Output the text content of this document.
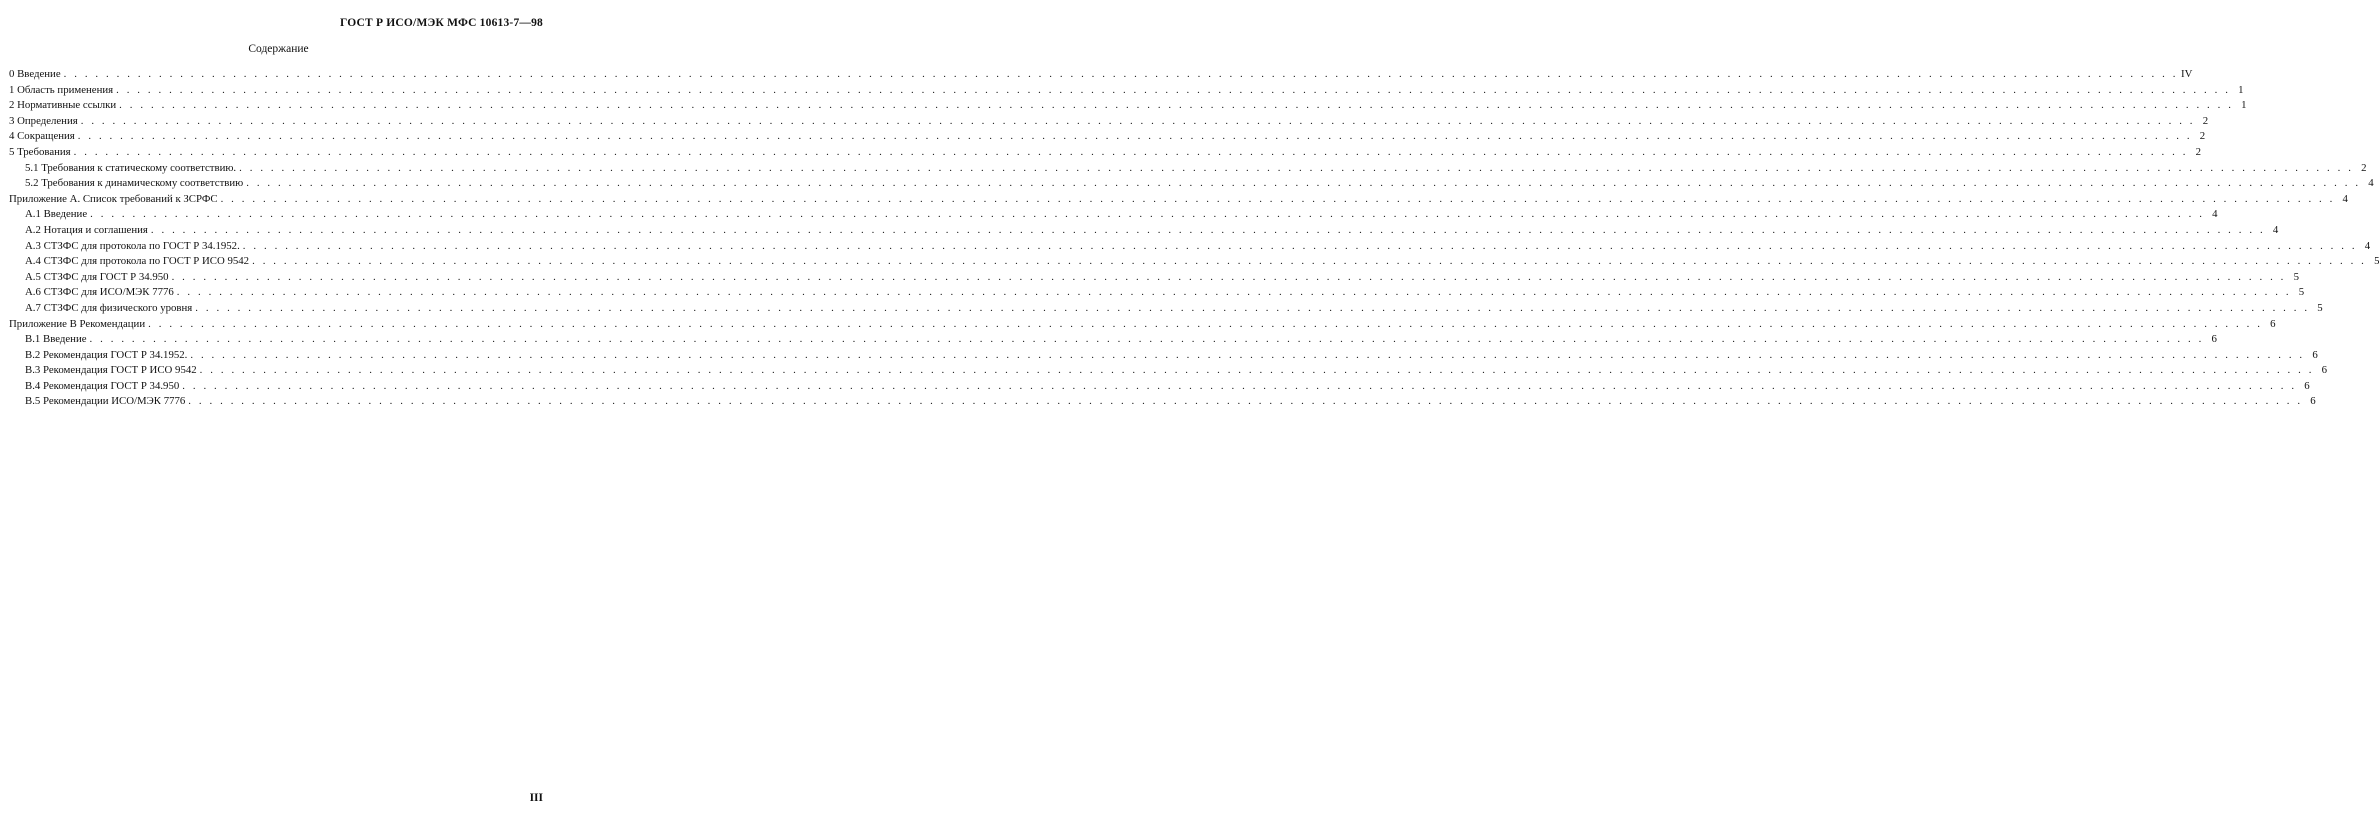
ГОСТ Р ИСО/МЭК МФС 10613-7—98
Содержание
0 Введение . . . . . . . . . . . . . . . . . . . . . . . . . . . . . . . . . . . . . . . . . . . . . . . . . . . . . . . . . . . . . . . . . . . . . . . . . . . . . . . . . . . . . . . . . . . . . . . . . . . . . . . . . . . . . . . . . . . . . . . . . . . . . . . . . . . . . . . . . . . . . . . . . . . . . . . . . . . . . . . . . . . . . . . . . . . . . . . . . . . . . . . . . . . . . . . . . . . . . . . . IV
1 Область применения . . . . . . . . . . . . . . . . . . . . . . . . . . . . . . . . . . . . . . . . . . . . . . . . . . . . . . . . . . . . . . . . . . . . . . . . . . . . . . . . . . . . . . . . . . . . . . . . . . . . . . . . . . . . . . . . . . . . . . . . . . . . . . . . . . . . . . . . . . . . . . . . . . . . . . . . . . . . . . . . . . . . . . . . . . . . . . . . . . . . . . . . . . . . . . . . . . . . . . . . 1
2 Нормативные ссылки . . . . . . . . . . . . . . . . . . . . . . . . . . . . . . . . . . . . . . . . . . . . . . . . . . . . . . . . . . . . . . . . . . . . . . . . . . . . . . . . . . . . . . . . . . . . . . . . . . . . . . . . . . . . . . . . . . . . . . . . . . . . . . . . . . . . . . . . . . . . . . . . . . . . . . . . . . . . . . . . . . . . . . . . . . . . . . . . . . . . . . . . . . . . . . . . . . . . . . . . 1
3 Определения . . . . . . . . . . . . . . . . . . . . . . . . . . . . . . . . . . . . . . . . . . . . . . . . . . . . . . . . . . . . . . . . . . . . . . . . . . . . . . . . . . . . . . . . . . . . . . . . . . . . . . . . . . . . . . . . . . . . . . . . . . . . . . . . . . . . . . . . . . . . . . . . . . . . . . . . . . . . . . . . . . . . . . . . . . . . . . . . . . . . . . . . . . . . . . . . . . . . . . . . 2
4 Сокращения . . . . . . . . . . . . . . . . . . . . . . . . . . . . . . . . . . . . . . . . . . . . . . . . . . . . . . . . . . . . . . . . . . . . . . . . . . . . . . . . . . . . . . . . . . . . . . . . . . . . . . . . . . . . . . . . . . . . . . . . . . . . . . . . . . . . . . . . . . . . . . . . . . . . . . . . . . . . . . . . . . . . . . . . . . . . . . . . . . . . . . . . . . . . . . . . . . . . . . . . 2
5 Требования . . . . . . . . . . . . . . . . . . . . . . . . . . . . . . . . . . . . . . . . . . . . . . . . . . . . . . . . . . . . . . . . . . . . . . . . . . . . . . . . . . . . . . . . . . . . . . . . . . . . . . . . . . . . . . . . . . . . . . . . . . . . . . . . . . . . . . . . . . . . . . . . . . . . . . . . . . . . . . . . . . . . . . . . . . . . . . . . . . . . . . . . . . . . . . . . . . . . . . . . 2
5.1 Требования к статическому соответствию. . . . . . . . . . . . . . . . . . . . . . . . . . . . . . . . . . . . . . . . . . . . . . . . . . . . . . . . . . . . . . . . . . . . . . . . . . . . . . . . . . . . . . . . . . . . . . . . . . . . . . . . . . . . . . . . . . . . . . . . . . . . . . . . . . . . . . . . . . . . . . . . . . . . . . . . . . . . . . . . . . . . . . . . . . . . . . . . . . . . . . . . . . . . . . . . . . . . . . . . . 2
5.2 Требования к динамическому соответствию . . . . . . . . . . . . . . . . . . . . . . . . . . . . . . . . . . . . . . . . . . . . . . . . . . . . . . . . . . . . . . . . . . . . . . . . . . . . . . . . . . . . . . . . . . . . . . . . . . . . . . . . . . . . . . . . . . . . . . . . . . . . . . . . . . . . . . . . . . . . . . . . . . . . . . . . . . . . . . . . . . . . . . . . . . . . . . . . . . . . . . . . . . . . . . . . . . . . . . . . 4
Приложение А. Список требований к ЗСРФС . . . . . . . . . . . . . . . . . . . . . . . . . . . . . . . . . . . . . . . . . . . . . . . . . . . . . . . . . . . . . . . . . . . . . . . . . . . . . . . . . . . . . . . . . . . . . . . . . . . . . . . . . . . . . . . . . . . . . . . . . . . . . . . . . . . . . . . . . . . . . . . . . . . . . . . . . . . . . . . . . . . . . . . . . . . . . . . . . . . . . . . . . . . . . . . . . . . . . . . . 4
А.1 Введение . . . . . . . . . . . . . . . . . . . . . . . . . . . . . . . . . . . . . . . . . . . . . . . . . . . . . . . . . . . . . . . . . . . . . . . . . . . . . . . . . . . . . . . . . . . . . . . . . . . . . . . . . . . . . . . . . . . . . . . . . . . . . . . . . . . . . . . . . . . . . . . . . . . . . . . . . . . . . . . . . . . . . . . . . . . . . . . . . . . . . . . . . . . . . . . . . . . . . . . . 4
А.2 Нотация и соглашения . . . . . . . . . . . . . . . . . . . . . . . . . . . . . . . . . . . . . . . . . . . . . . . . . . . . . . . . . . . . . . . . . . . . . . . . . . . . . . . . . . . . . . . . . . . . . . . . . . . . . . . . . . . . . . . . . . . . . . . . . . . . . . . . . . . . . . . . . . . . . . . . . . . . . . . . . . . . . . . . . . . . . . . . . . . . . . . . . . . . . . . . . . . . . . . . . . . . . . . . 4
А.3 СТЗФС для протокола по ГОСТ Р 34.1952. . . . . . . . . . . . . . . . . . . . . . . . . . . . . . . . . . . . . . . . . . . . . . . . . . . . . . . . . . . . . . . . . . . . . . . . . . . . . . . . . . . . . . . . . . . . . . . . . . . . . . . . . . . . . . . . . . . . . . . . . . . . . . . . . . . . . . . . . . . . . . . . . . . . . . . . . . . . . . . . . . . . . . . . . . . . . . . . . . . . . . . . . . . . . . . . . . . . . . . . . 4
А.4 СТЗФС для протокола по ГОСТ Р ИСО 9542 . . . . . . . . . . . . . . . . . . . . . . . . . . . . . . . . . . . . . . . . . . . . . . . . . . . . . . . . . . . . . . . . . . . . . . . . . . . . . . . . . . . . . . . . . . . . . . . . . . . . . . . . . . . . . . . . . . . . . . . . . . . . . . . . . . . . . . . . . . . . . . . . . . . . . . . . . . . . . . . . . . . . . . . . . . . . . . . . . . . . . . . . . . . . . . . . . . . . . . . . 5
А.5 СТЗФС для ГОСТ Р 34.950 . . . . . . . . . . . . . . . . . . . . . . . . . . . . . . . . . . . . . . . . . . . . . . . . . . . . . . . . . . . . . . . . . . . . . . . . . . . . . . . . . . . . . . . . . . . . . . . . . . . . . . . . . . . . . . . . . . . . . . . . . . . . . . . . . . . . . . . . . . . . . . . . . . . . . . . . . . . . . . . . . . . . . . . . . . . . . . . . . . . . . . . . . . . . . . . . . . . . . . . . 5
А.6 СТЗФС для ИСО/МЭК 7776 . . . . . . . . . . . . . . . . . . . . . . . . . . . . . . . . . . . . . . . . . . . . . . . . . . . . . . . . . . . . . . . . . . . . . . . . . . . . . . . . . . . . . . . . . . . . . . . . . . . . . . . . . . . . . . . . . . . . . . . . . . . . . . . . . . . . . . . . . . . . . . . . . . . . . . . . . . . . . . . . . . . . . . . . . . . . . . . . . . . . . . . . . . . . . . . . . . . . . . . . 5
А.7 СТЗФС для физического уровня . . . . . . . . . . . . . . . . . . . . . . . . . . . . . . . . . . . . . . . . . . . . . . . . . . . . . . . . . . . . . . . . . . . . . . . . . . . . . . . . . . . . . . . . . . . . . . . . . . . . . . . . . . . . . . . . . . . . . . . . . . . . . . . . . . . . . . . . . . . . . . . . . . . . . . . . . . . . . . . . . . . . . . . . . . . . . . . . . . . . . . . . . . . . . . . . . . . . . . . . 5
Приложение В Рекомендации . . . . . . . . . . . . . . . . . . . . . . . . . . . . . . . . . . . . . . . . . . . . . . . . . . . . . . . . . . . . . . . . . . . . . . . . . . . . . . . . . . . . . . . . . . . . . . . . . . . . . . . . . . . . . . . . . . . . . . . . . . . . . . . . . . . . . . . . . . . . . . . . . . . . . . . . . . . . . . . . . . . . . . . . . . . . . . . . . . . . . . . . . . . . . . . . . . . . . . . . 6
В.1 Введение . . . . . . . . . . . . . . . . . . . . . . . . . . . . . . . . . . . . . . . . . . . . . . . . . . . . . . . . . . . . . . . . . . . . . . . . . . . . . . . . . . . . . . . . . . . . . . . . . . . . . . . . . . . . . . . . . . . . . . . . . . . . . . . . . . . . . . . . . . . . . . . . . . . . . . . . . . . . . . . . . . . . . . . . . . . . . . . . . . . . . . . . . . . . . . . . . . . . . . . . 6
В.2 Рекомендация ГОСТ Р 34.1952. . . . . . . . . . . . . . . . . . . . . . . . . . . . . . . . . . . . . . . . . . . . . . . . . . . . . . . . . . . . . . . . . . . . . . . . . . . . . . . . . . . . . . . . . . . . . . . . . . . . . . . . . . . . . . . . . . . . . . . . . . . . . . . . . . . . . . . . . . . . . . . . . . . . . . . . . . . . . . . . . . . . . . . . . . . . . . . . . . . . . . . . . . . . . . . . . . . . . . . . . 6
В.3 Рекомендация ГОСТ Р ИСО 9542 . . . . . . . . . . . . . . . . . . . . . . . . . . . . . . . . . . . . . . . . . . . . . . . . . . . . . . . . . . . . . . . . . . . . . . . . . . . . . . . . . . . . . . . . . . . . . . . . . . . . . . . . . . . . . . . . . . . . . . . . . . . . . . . . . . . . . . . . . . . . . . . . . . . . . . . . . . . . . . . . . . . . . . . . . . . . . . . . . . . . . . . . . . . . . . . . . . . . . . . . 6
В.4 Рекомендация ГОСТ Р 34.950 . . . . . . . . . . . . . . . . . . . . . . . . . . . . . . . . . . . . . . . . . . . . . . . . . . . . . . . . . . . . . . . . . . . . . . . . . . . . . . . . . . . . . . . . . . . . . . . . . . . . . . . . . . . . . . . . . . . . . . . . . . . . . . . . . . . . . . . . . . . . . . . . . . . . . . . . . . . . . . . . . . . . . . . . . . . . . . . . . . . . . . . . . . . . . . . . . . . . . . . . 6
В.5 Рекомендации ИСО/МЭК 7776 . . . . . . . . . . . . . . . . . . . . . . . . . . . . . . . . . . . . . . . . . . . . . . . . . . . . . . . . . . . . . . . . . . . . . . . . . . . . . . . . . . . . . . . . . . . . . . . . . . . . . . . . . . . . . . . . . . . . . . . . . . . . . . . . . . . . . . . . . . . . . . . . . . . . . . . . . . . . . . . . . . . . . . . . . . . . . . . . . . . . . . . . . . . . . . . . . . . . . . . . 6
III
